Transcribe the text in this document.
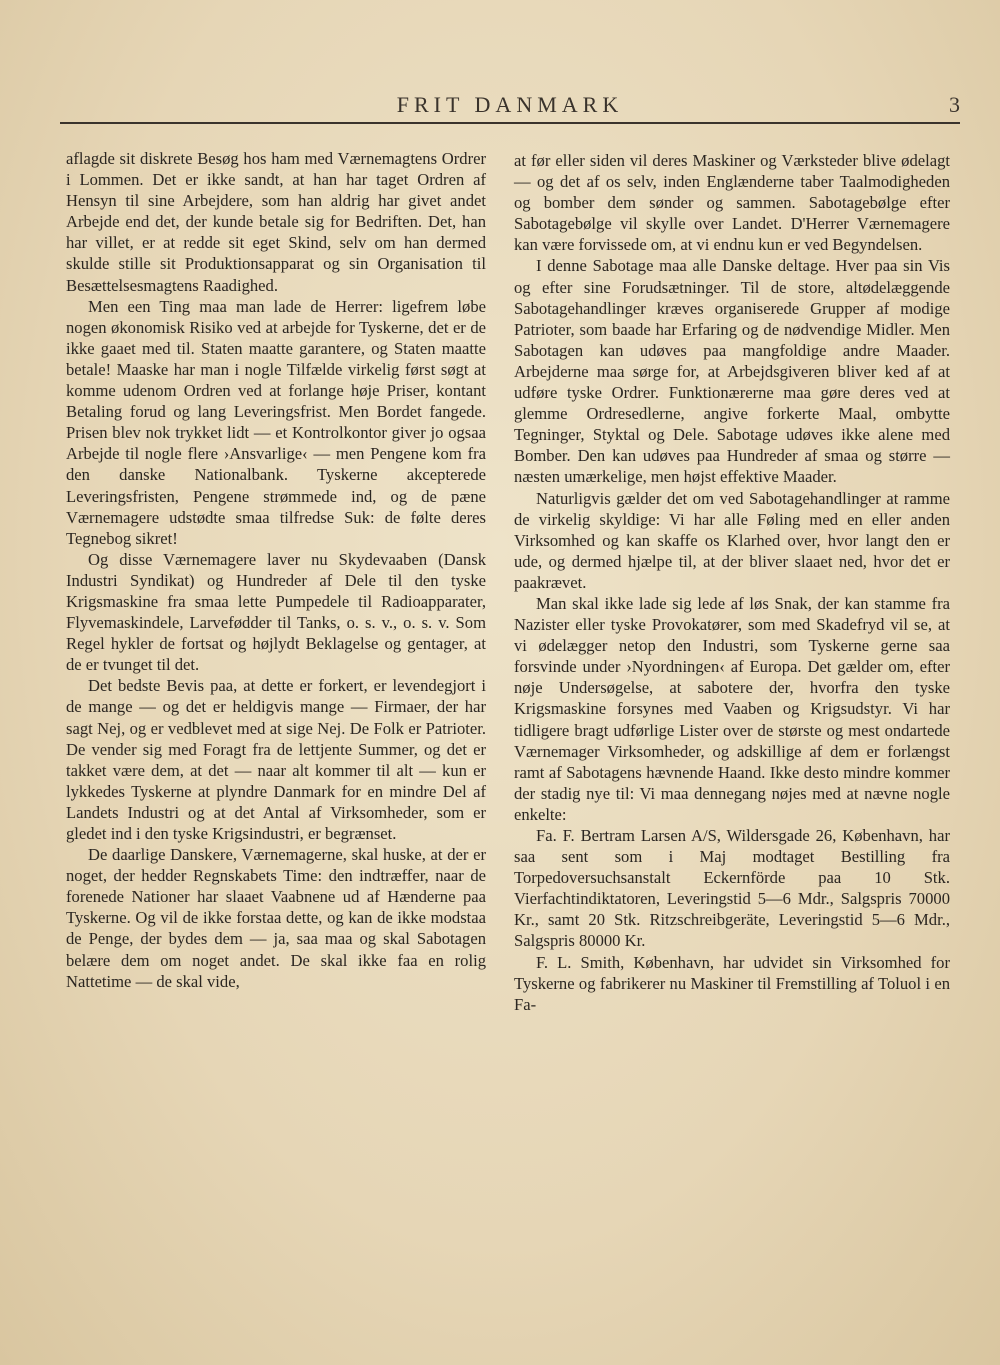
FRIT DANMARK	3

aflagde sit diskrete Besøg hos ham med Værnemagtens Ordrer i Lommen. Det er ikke sandt, at han har taget Ordren af Hensyn til sine Arbejdere, som han aldrig har givet andet Arbejde end det, der kunde betale sig for Bedriften. Det, han har villet, er at redde sit eget Skind, selv om han dermed skulde stille sit Produktionsapparat og sin Organisation til Besættelsesmagtens Raadighed.

Men een Ting maa man lade de Herrer: ligefrem løbe nogen økonomisk Risiko ved at arbejde for Tyskerne, det er de ikke gaaet med til. Staten maatte garantere, og Staten maatte betale! Maaske har man i nogle Tilfælde virkelig først søgt at komme udenom Ordren ved at forlange høje Priser, kontant Betaling forud og lang Leveringsfrist. Men Bordet fangede. Prisen blev nok trykket lidt — et Kontrolkontor giver jo ogsaa Arbejde til nogle flere ›Ansvarlige‹ — men Pengene kom fra den danske Nationalbank. Tyskerne akcepterede Leveringsfristen, Pengene strømmede ind, og de pæne Værnemagere udstødte smaa tilfredse Suk: de følte deres Tegnebog sikret!

Og disse Værnemagere laver nu Skydevaaben (Dansk Industri Syndikat) og Hundreder af Dele til den tyske Krigsmaskine fra smaa lette Pumpedele til Radioapparater, Flyvemaskindele, Larvefødder til Tanks, o. s. v., o. s. v. Som Regel hykler de fortsat og højlydt Beklagelse og gentager, at de er tvunget til det.

Det bedste Bevis paa, at dette er forkert, er levendegjort i de mange — og det er heldigvis mange — Firmaer, der har sagt Nej, og er vedblevet med at sige Nej. De Folk er Patrioter. De vender sig med Foragt fra de lettjente Summer, og det er takket være dem, at det — naar alt kommer til alt — kun er lykkedes Tyskerne at plyndre Danmark for en mindre Del af Landets Industri og at det Antal af Virksomheder, som er gledet ind i den tyske Krigsindustri, er begrænset.

De daarlige Danskere, Værnemagerne, skal huske, at der er noget, der hedder Regnskabets Time: den indtræffer, naar de forenede Nationer har slaaet Vaabnene ud af Hænderne paa Tyskerne. Og vil de ikke forstaa dette, og kan de ikke modstaa de Penge, der bydes dem — ja, saa maa og skal Sabotagen belære dem om noget andet. De skal ikke faa en rolig Nattetime — de skal vide,

at før eller siden vil deres Maskiner og Værksteder blive ødelagt — og det af os selv, inden Englænderne taber Taalmodigheden og bomber dem sønder og sammen. Sabotagebølge efter Sabotagebølge vil skylle over Landet. D'Herrer Værnemagere kan være forvissede om, at vi endnu kun er ved Begyndelsen.

I denne Sabotage maa alle Danske deltage. Hver paa sin Vis og efter sine Forudsætninger. Til de store, altødelæggende Sabotagehandlinger kræves organiserede Grupper af modige Patrioter, som baade har Erfaring og de nødvendige Midler. Men Sabotagen kan udøves paa mangfoldige andre Maader. Arbejderne maa sørge for, at Arbejdsgiveren bliver ked af at udføre tyske Ordrer. Funktionærerne maa gøre deres ved at glemme Ordresedlerne, angive forkerte Maal, ombytte Tegninger, Styktal og Dele. Sabotage udøves ikke alene med Bomber. Den kan udøves paa Hundreder af smaa og større — næsten umærkelige, men højst effektive Maader.

Naturligvis gælder det om ved Sabotagehandlinger at ramme de virkelig skyldige: Vi har alle Føling med en eller anden Virksomhed og kan skaffe os Klarhed over, hvor langt den er ude, og dermed hjælpe til, at der bliver slaaet ned, hvor det er paakrævet.

Man skal ikke lade sig lede af løs Snak, der kan stamme fra Nazister eller tyske Provokatører, som med Skadefryd vil se, at vi ødelægger netop den Industri, som Tyskerne gerne saa forsvinde under ›Nyordningen‹ af Europa. Det gælder om, efter nøje Undersøgelse, at sabotere der, hvorfra den tyske Krigsmaskine forsynes med Vaaben og Krigsudstyr. Vi har tidligere bragt udførlige Lister over de største og mest ondartede Værnemager Virksomheder, og adskillige af dem er forlængst ramt af Sabotagens hævnende Haand. Ikke desto mindre kommer der stadig nye til: Vi maa dennegang nøjes med at nævne nogle enkelte:

Fa. F. Bertram Larsen A/S, Wildersgade 26, København, har saa sent som i Maj modtaget Bestilling fra Torpedoversuchsanstalt Eckernförde paa 10 Stk. Vierfachtindiktatoren, Leveringstid 5—6 Mdr., Salgspris 70000 Kr., samt 20 Stk. Ritzschreibgeräte, Leveringstid 5—6 Mdr., Salgspris 80000 Kr.

F. L. Smith, København, har udvidet sin Virksomhed for Tyskerne og fabrikerer nu Maskiner til Fremstilling af Toluol i en Fa-
